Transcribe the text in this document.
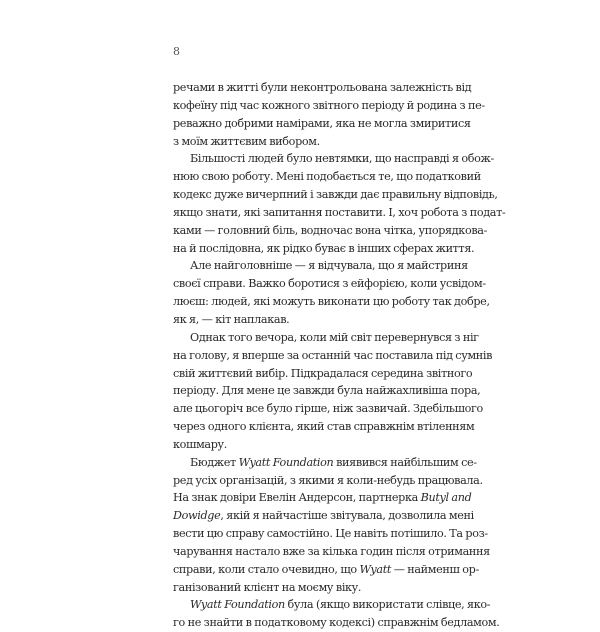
8
речами в житті були неконтрольована залежність від
кофеїну під час кожного звітного періоду й родина з пе-
реважно добрими намірами, яка не могла змиритися
з моїм життєвим вибором.
Більшості людей було невтямки, що насправді я обож-
нюю свою роботу. Мені подобається те, що податковий
кодекс дуже вичерпний і завжди дає правильну відповідь,
якщо знати, які запитання поставити. І, хоч робота з подат-
ками — головний біль, водночас вона чітка, упорядкова-
на й послідовна, як рідко буває в інших сферах життя.
Але найголовніше — я відчувала, що я майстриня
своєї справи. Важко боротися з ейфорією, коли усвідом-
люєш: людей, які можуть виконати цю роботу так добре,
як я, — кіт наплакав.
Однак того вечора, коли мій світ перевернувся з ніг
на голову, я вперше за останній час поставила під сумнів
свій життєвий вибір. Підкрадалася середина звітного
періоду. Для мене це завжди була найжахливіша пора,
але цьогоріч все було гірше, ніж зазвичай. Здебільшого
через одного клієнта, який став справжнім втіленням
кошмару.
Бюджет Wyatt Foundation виявився найбільшим се-
ред усіх організацій, з якими я коли-небудь працювала.
На знак довіри Евелін Андерсон, партнерка Butyl and
Dowidge, якій я найчастіше звітувала, дозволила мені
вести цю справу самостійно. Це навіть потішило. Та роз-
чарування настало вже за кілька годин після отримання
справи, коли стало очевидно, що Wyatt — найменш ор-
ганізований клієнт на моєму віку.
Wyatt Foundation була (якщо використати слівце, яко-
го не знайти в податковому кодексі) справжнім бедламом.
